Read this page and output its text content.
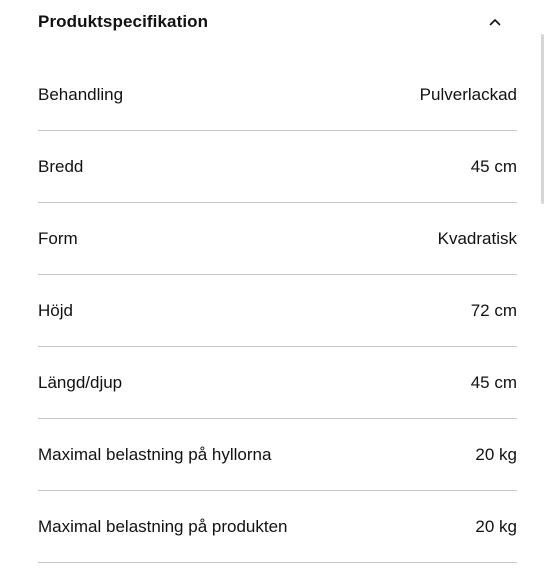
Produktspecifikation
Behandling	Pulverlackad
Bredd	45 cm
Form	Kvadratisk
Höjd	72 cm
Längd/djup	45 cm
Maximal belastning på hyllorna	20 kg
Maximal belastning på produkten	20 kg
